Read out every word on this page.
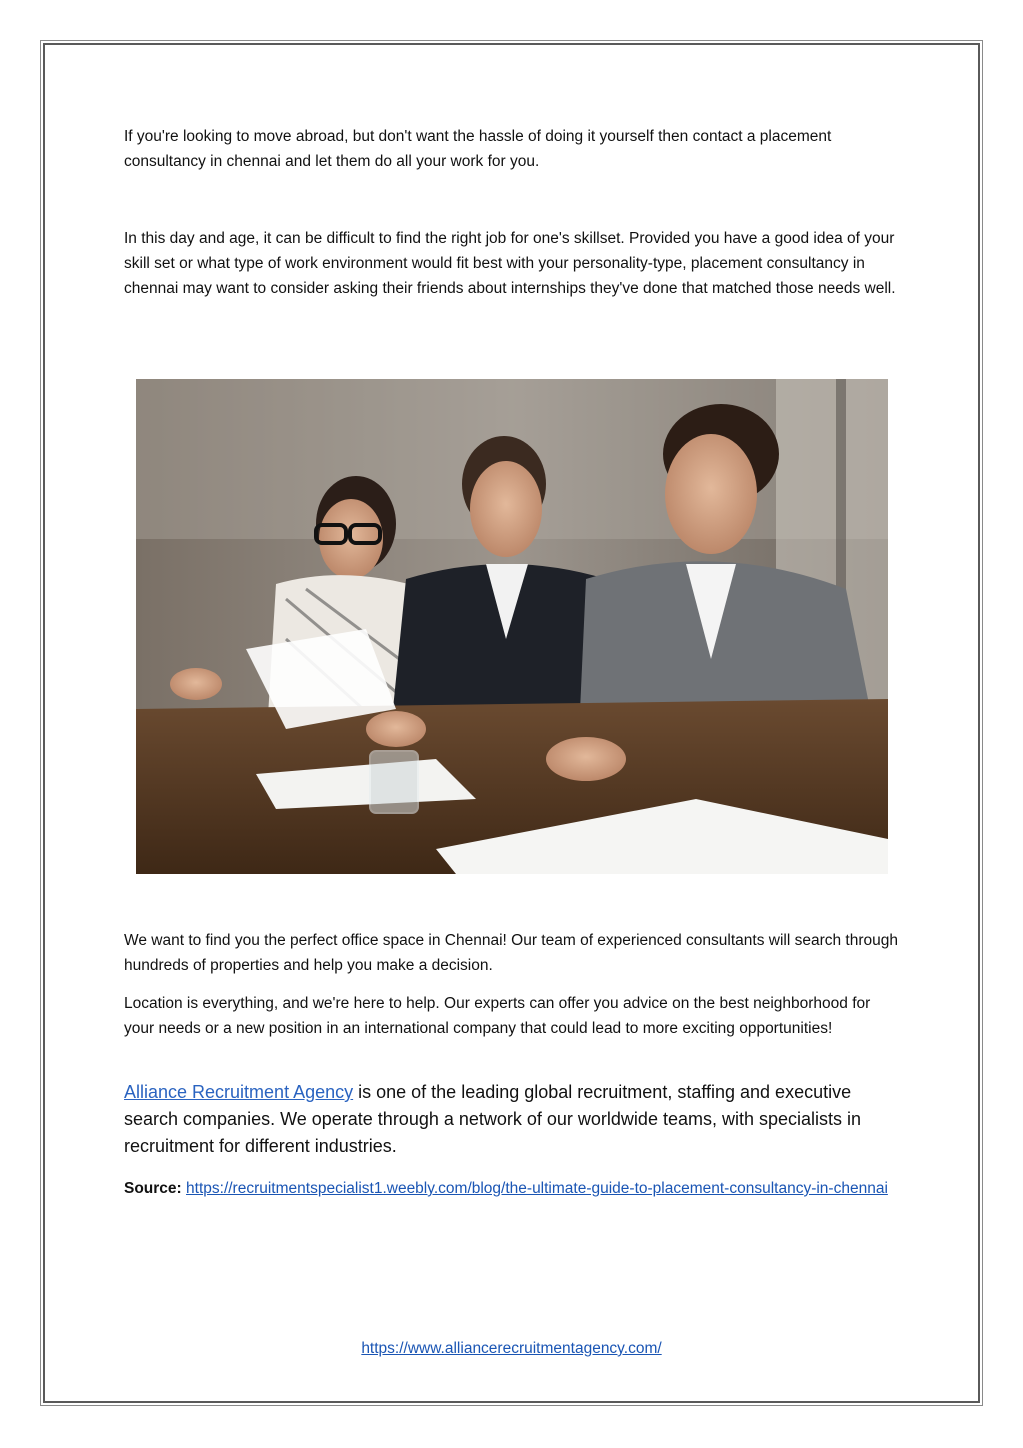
If you're looking to move abroad, but don't want the hassle of doing it yourself then contact a placement consultancy in chennai and let them do all your work for you.

In this day and age, it can be difficult to find the right job for one's skillset. Provided you have a good idea of your skill set or what type of work environment would fit best with your personality-type, placement consultancy in chennai may want to consider asking their friends about internships they've done that matched those needs well.

We want to find you the perfect office space in Chennai! Our team of experienced consultants will search through hundreds of properties and help you make a decision.

Location is everything, and we're here to help. Our experts can offer you advice on the best neighborhood for your needs or a new position in an international company that could lead to more exciting opportunities!

Alliance Recruitment Agency is one of the leading global recruitment, staffing and executive search companies. We operate through a network of our worldwide teams, with specialists in recruitment for different industries.

Source: https://recruitmentspecialist1.weebly.com/blog/the-ultimate-guide-to-placement-consultancy-in-chennai

https://www.alliancerecruitmentagency.com/
